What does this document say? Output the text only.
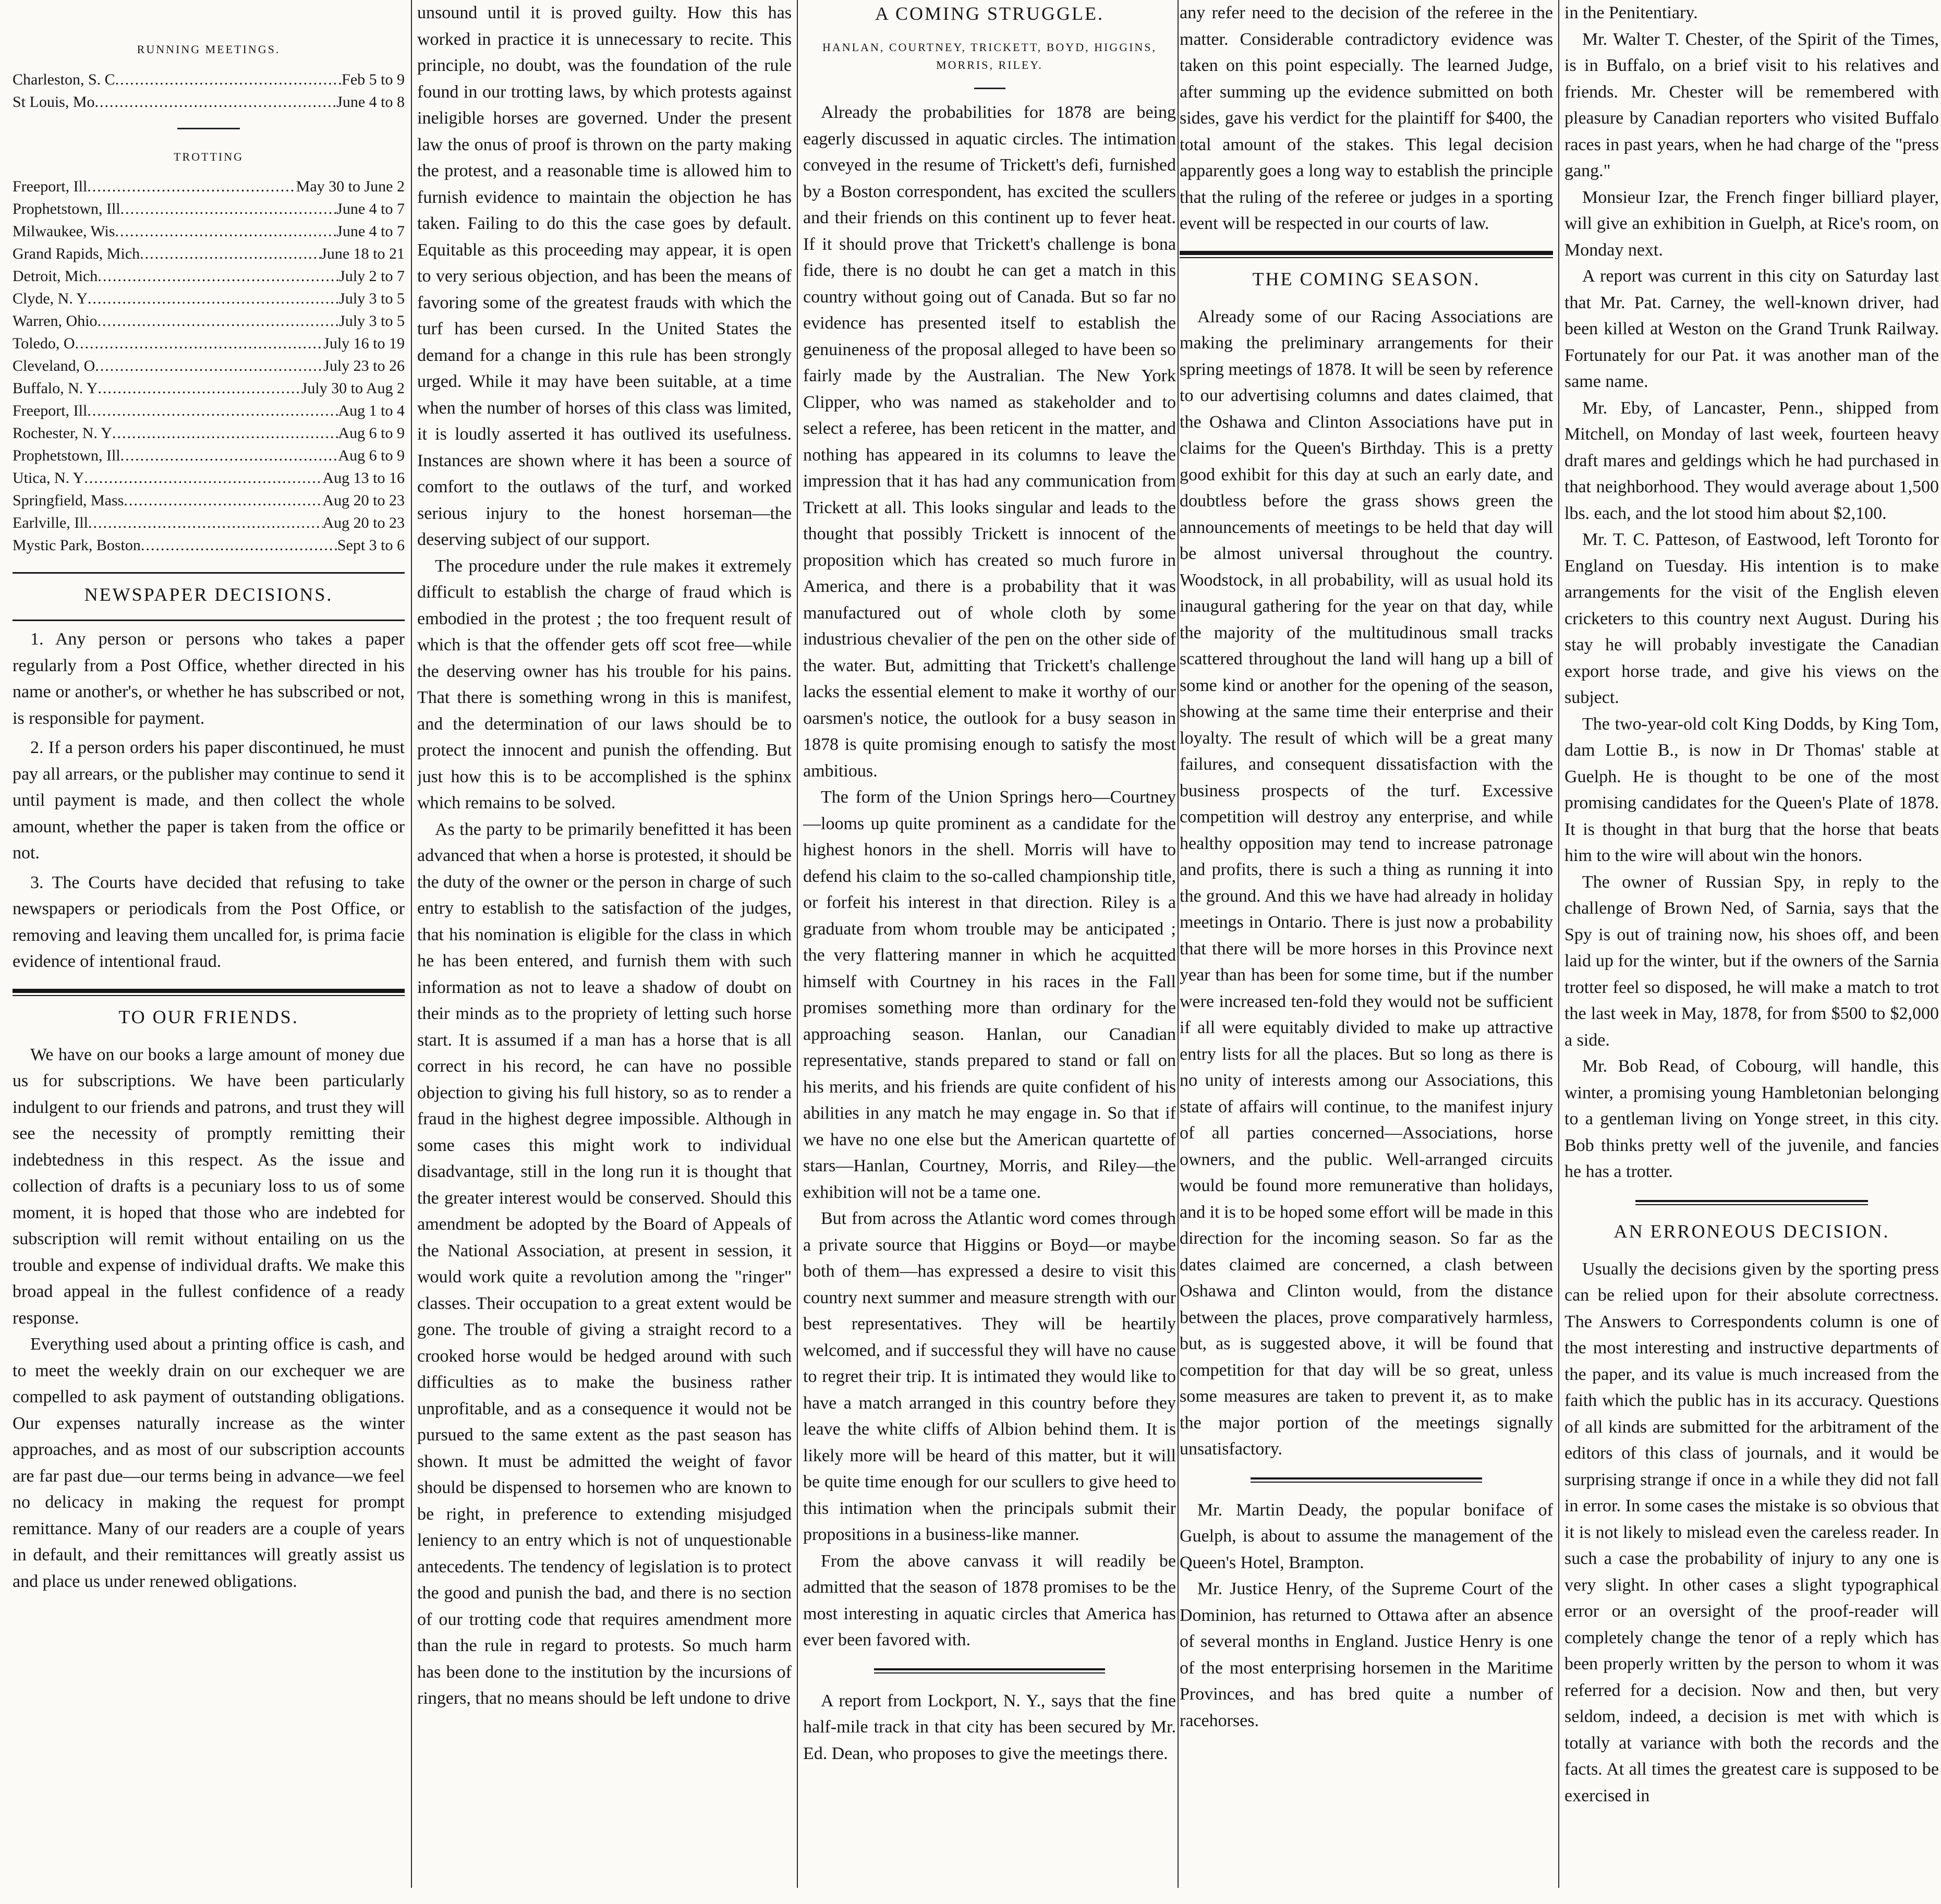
RUNNING MEETINGS.
Charleston, S. C .....	Feb 5 to 9
St Louis, Mo .....	June 4 to 8
TROTTING
Freeport, Ill .....	May 30 to June 2
Prophetstown, Ill .....	June 4 to 7
Milwaukee, Wis .....	June 4 to 7
Grand Rapids, Mich .....	June 18 to 21
Detroit, Mich .....	July 2 to 7
Clyde, N. Y .....	July 3 to 5
Warren, Ohio .....	July 3 to 5
Toledo, O .....	July 16 to 19
Cleveland, O .....	July 23 to 26
Buffalo, N. Y .....	July 30 to Aug 2
Freeport, Ill .....	Aug 1 to 4
Rochester, N. Y .....	Aug 6 to 9
Prophetstown, Ill .....	Aug 6 to 9
Utica, N. Y .....	Aug 13 to 16
Springfield, Mass .....	Aug 20 to 23
Earlville, Ill .....	Aug 20 to 23
Mystic Park, Boston .....	Sept 3 to 6
NEWSPAPER DECISIONS.

1. Any person or persons who takes a paper regularly from a Post Office, whether directed in his name or another's, or whether he has subscribed or not, is responsible for payment.

2. If a person orders his paper discontinued, he must pay all arrears, or the publisher may continue to send it until payment is made, and then collect the whole amount, whether the paper is taken from the office or not.

3. The Courts have decided that refusing to take newspapers or periodicals from the Post Office, or removing and leaving them uncalled for, is prima facie evidence of intentional fraud.

TO OUR FRIENDS.

We have on our books a large amount of money due us for subscriptions. We have been particularly indulgent to our friends and patrons, and trust they will see the necessity of promptly remitting their indebtedness in this respect. As the issue and collection of drafts is a pecuniary loss to us of some moment, it is hoped that those who are indebted for subscription will remit without entailing on us the trouble and expense of individual drafts. We make this broad appeal in the fullest confidence of a ready response.

Everything used about a printing office is cash, and to meet the weekly drain on our exchequer we are compelled to ask payment of outstanding obligations. Our expenses naturally increase as the winter approaches, and as most of our subscription accounts are far past due—our terms being in advance—we feel no delicacy in making the request for prompt remittance. Many of our readers are a couple of years in default, and their remittances will greatly assist us and place us under renewed obligations.

unsound until it is proved guilty. How this has worked in practice it is unnecessary to recite. This principle, no doubt, was the foundation of the rule found in our trotting laws, by which protests against ineligible horses are governed. Under the present law the onus of proof is thrown on the party making the protest, and a reasonable time is allowed him to furnish evidence to maintain the objection he has taken. Failing to do this the case goes by default. Equitable as this proceeding may appear, it is open to very serious objection, and has been the means of favoring some of the greatest frauds with which the turf has been cursed. In the United States the demand for a change in this rule has been strongly urged. While it may have been suitable, at a time when the number of horses of this class was limited, it is loudly asserted it has outlived its usefulness. Instances are shown where it has been a source of comfort to the outlaws of the turf, and worked serious injury to the honest horseman—the deserving subject of our support.

The procedure under the rule makes it extremely difficult to establish the charge of fraud which is embodied in the protest ; the too frequent result of which is that the offender gets off scot free—while the deserving owner has his trouble for his pains. That there is something wrong in this is manifest, and the determination of our laws should be to protect the innocent and punish the offending. But just how this is to be accomplished is the sphinx which remains to be solved.

As the party to be primarily benefitted it has been advanced that when a horse is protested, it should be the duty of the owner or the person in charge of such entry to establish to the satisfaction of the judges, that his nomination is eligible for the class in which he has been entered, and furnish them with such information as not to leave a shadow of doubt on their minds as to the propriety of letting such horse start. It is assumed if a man has a horse that is all correct in his record, he can have no possible objection to giving his full history, so as to render a fraud in the highest degree impossible. Although in some cases this might work to individual disadvantage, still in the long run it is thought that the greater interest would be conserved. Should this amendment be adopted by the Board of Appeals of the National Association, at present in session, it would work quite a revolution among the "ringer" classes. Their occupation to a great extent would be gone. The trouble of giving a straight record to a crooked horse would be hedged around with such difficulties as to make the business rather unprofitable, and as a consequence it would not be pursued to the same extent as the past season has shown. It must be admitted the weight of favor should be dispensed to horsemen who are known to be right, in preference to extending misjudged leniency to an entry which is not of unquestionable antecedents. The tendency of legislation is to protect the good and punish the bad, and there is no section of our trotting code that requires amendment more than the rule in regard to protests. So much harm has been done to the institution by the incursions of ringers, that no means should be left undone to drive

A COMING STRUGGLE.
HANLAN, COURTNEY, TRICKETT, BOYD, HIGGINS, MORRIS, RILEY.

Already the probabilities for 1878 are being eagerly discussed in aquatic circles. The intimation conveyed in the resume of Trickett's defi, furnished by a Boston correspondent, has excited the scullers and their friends on this continent up to fever heat. If it should prove that Trickett's challenge is bona fide, there is no doubt he can get a match in this country without going out of Canada. But so far no evidence has presented itself to establish the genuineness of the proposal alleged to have been so fairly made by the Australian. The New York Clipper, who was named as stakeholder and to select a referee, has been reticent in the matter, and nothing has appeared in its columns to leave the impression that it has had any communication from Trickett at all. This looks singular and leads to the thought that possibly Trickett is innocent of the proposition which has created so much furore in America, and there is a probability that it was manufactured out of whole cloth by some industrious chevalier of the pen on the other side of the water. But, admitting that Trickett's challenge lacks the essential element to make it worthy of our oarsmen's notice, the outlook for a busy season in 1878 is quite promising enough to satisfy the most ambitious.

The form of the Union Springs hero—Courtney—looms up quite prominent as a candidate for the highest honors in the shell. Morris will have to defend his claim to the so-called championship title, or forfeit his interest in that direction. Riley is a graduate from whom trouble may be anticipated ; the very flattering manner in which he acquitted himself with Courtney in his races in the Fall promises something more than ordinary for the approaching season. Hanlan, our Canadian representative, stands prepared to stand or fall on his merits, and his friends are quite confident of his abilities in any match he may engage in. So that if we have no one else but the American quartette of stars—Hanlan, Courtney, Morris, and Riley—the exhibition will not be a tame one.

But from across the Atlantic word comes through a private source that Higgins or Boyd—or maybe both of them—has expressed a desire to visit this country next summer and measure strength with our best representatives. They will be heartily welcomed, and if successful they will have no cause to regret their trip. It is intimated they would like to have a match arranged in this country before they leave the white cliffs of Albion behind them. It is likely more will be heard of this matter, but it will be quite time enough for our scullers to give heed to this intimation when the principals submit their propositions in a business-like manner.

From the above canvass it will readily be admitted that the season of 1878 promises to be the most interesting in aquatic circles that America has ever been favored with.

A report from Lockport, N. Y., says that the fine half-mile track in that city has been secured by Mr. Ed. Dean, who proposes to give the meetings there.

any refer need to the decision of the referee in the matter. Considerable contradictory evidence was taken on this point especially. The learned Judge, after summing up the evidence submitted on both sides, gave his verdict for the plaintiff for $400, the total amount of the stakes. This legal decision apparently goes a long way to establish the principle that the ruling of the referee or judges in a sporting event will be respected in our courts of law.

THE COMING SEASON.

Already some of our Racing Associations are making the preliminary arrangements for their spring meetings of 1878. It will be seen by reference to our advertising columns and dates claimed, that the Oshawa and Clinton Associations have put in claims for the Queen's Birthday. This is a pretty good exhibit for this day at such an early date, and doubtless before the grass shows green the announcements of meetings to be held that day will be almost universal throughout the country. Woodstock, in all probability, will as usual hold its inaugural gathering for the year on that day, while the majority of the multitudinous small tracks scattered throughout the land will hang up a bill of some kind or another for the opening of the season, showing at the same time their enterprise and their loyalty. The result of which will be a great many failures, and consequent dissatisfaction with the business prospects of the turf. Excessive competition will destroy any enterprise, and while healthy opposition may tend to increase patronage and profits, there is such a thing as running it into the ground. And this we have had already in holiday meetings in Ontario. There is just now a probability that there will be more horses in this Province next year than has been for some time, but if the number were increased ten-fold they would not be sufficient if all were equitably divided to make up attractive entry lists for all the places. But so long as there is no unity of interests among our Associations, this state of affairs will continue, to the manifest injury of all parties concerned—Associations, horse owners, and the public. Well-arranged circuits would be found more remunerative than holidays, and it is to be hoped some effort will be made in this direction for the incoming season. So far as the dates claimed are concerned, a clash between Oshawa and Clinton would, from the distance between the places, prove comparatively harmless, but, as is suggested above, it will be found that competition for that day will be so great, unless some measures are taken to prevent it, as to make the major portion of the meetings signally unsatisfactory.

Mr. Martin Deady, the popular boniface of Guelph, is about to assume the management of the Queen's Hotel, Brampton.

Mr. Justice Henry, of the Supreme Court of the Dominion, has returned to Ottawa after an absence of several months in England. Justice Henry is one of the most enterprising horsemen in the Maritime Provinces, and has bred quite a number of racehorses.

in the Penitentiary.

Mr. Walter T. Chester, of the Spirit of the Times, is in Buffalo, on a brief visit to his relatives and friends. Mr. Chester will be remembered with pleasure by Canadian reporters who visited Buffalo races in past years, when he had charge of the "press gang."

Monsieur Izar, the French finger billiard player, will give an exhibition in Guelph, at Rice's room, on Monday next.

A report was current in this city on Saturday last that Mr. Pat. Carney, the well-known driver, had been killed at Weston on the Grand Trunk Railway. Fortunately for our Pat. it was another man of the same name.

Mr. Eby, of Lancaster, Penn., shipped from Mitchell, on Monday of last week, fourteen heavy draft mares and geldings which he had purchased in that neighborhood. They would average about 1,500 lbs. each, and the lot stood him about $2,100.

Mr. T. C. Patteson, of Eastwood, left Toronto for England on Tuesday. His intention is to make arrangements for the visit of the English eleven cricketers to this country next August. During his stay he will probably investigate the Canadian export horse trade, and give his views on the subject.

The two-year-old colt King Dodds, by King Tom, dam Lottie B., is now in Dr Thomas' stable at Guelph. He is thought to be one of the most promising candidates for the Queen's Plate of 1878. It is thought in that burg that the horse that beats him to the wire will about win the honors.

The owner of Russian Spy, in reply to the challenge of Brown Ned, of Sarnia, says that the Spy is out of training now, his shoes off, and been laid up for the winter, but if the owners of the Sarnia trotter feel so disposed, he will make a match to trot the last week in May, 1878, for from $500 to $2,000 a side.

Mr. Bob Read, of Cobourg, will handle, this winter, a promising young Hambletonian belonging to a gentleman living on Yonge street, in this city. Bob thinks pretty well of the juvenile, and fancies he has a trotter.

AN ERRONEOUS DECISION.

Usually the decisions given by the sporting press can be relied upon for their absolute correctness. The Answers to Correspondents column is one of the most interesting and instructive departments of the paper, and its value is much increased from the faith which the public has in its accuracy. Questions of all kinds are submitted for the arbitrament of the editors of this class of journals, and it would be surprising strange if once in a while they did not fall in error. In some cases the mistake is so obvious that it is not likely to mislead even the careless reader. In such a case the probability of injury to any one is very slight. In other cases a slight typographical error or an oversight of the proof-reader will completely change the tenor of a reply which has been properly written by the person to whom it was referred for a decision. Now and then, but very seldom, indeed, a decision is met with which is totally at variance with both the records and the facts. At all times the greatest care is supposed to be exercised in
